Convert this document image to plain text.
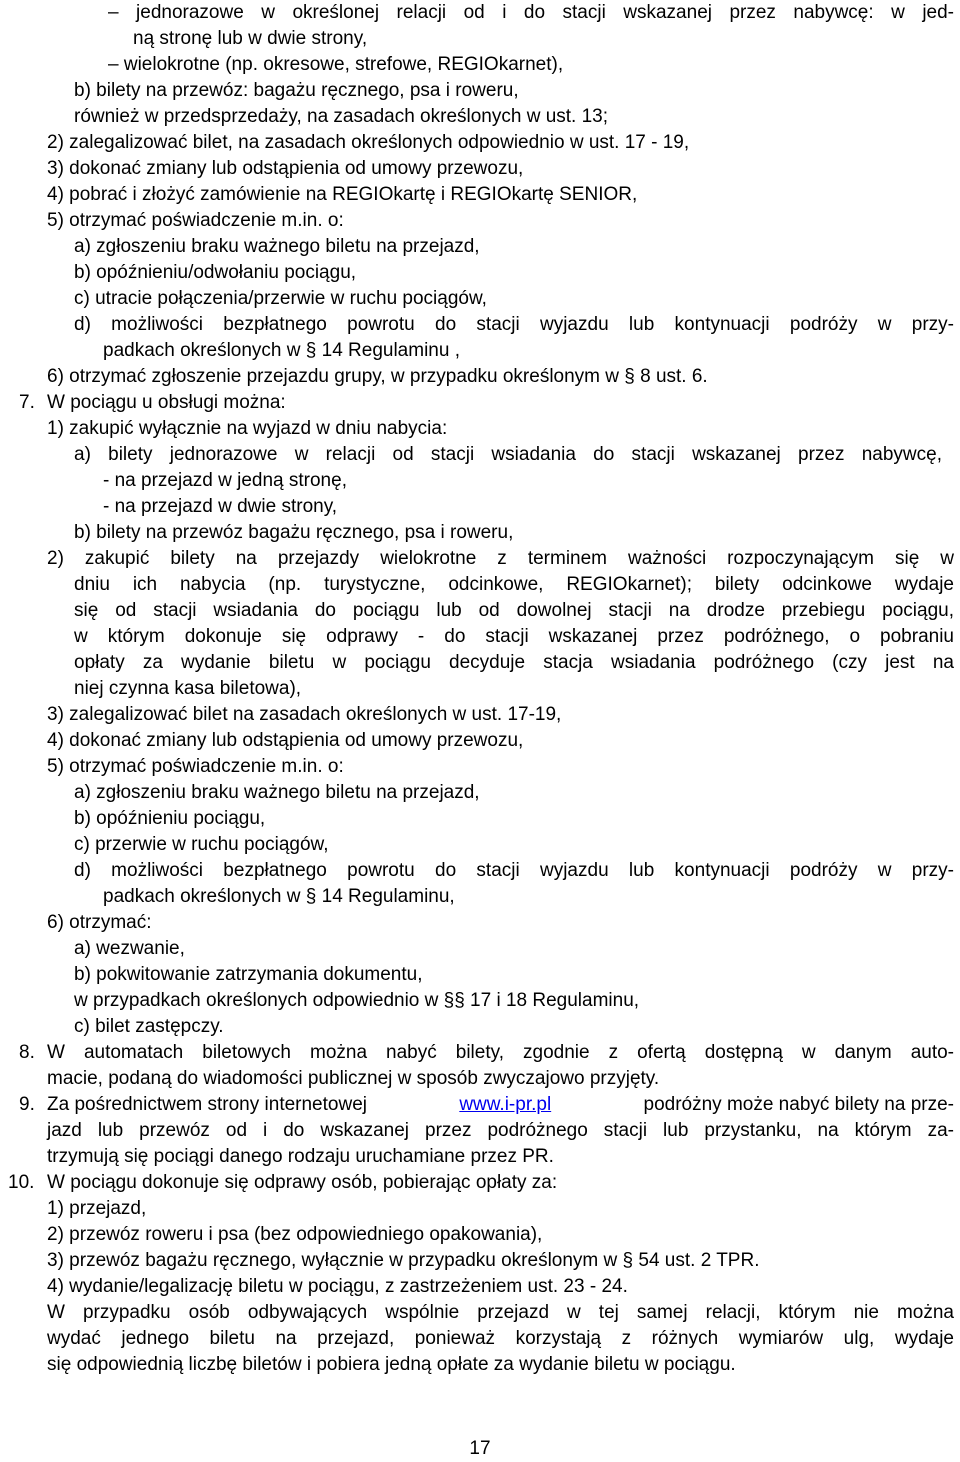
– jednorazowe w określonej relacji od i do stacji wskazanej przez nabywcę: w jed-
ną stronę lub w dwie strony,
– wielokrotne (np. okresowe, strefowe, REGIOkarnet),
b) bilety na przewóz: bagażu ręcznego, psa i roweru,
również w przedsprzedaży, na zasadach określonych w ust. 13;
2) zalegalizować bilet, na zasadach określonych odpowiednio w ust. 17 - 19,
3) dokonać zmiany lub odstąpienia od umowy przewozu,
4) pobrać i złożyć zamówienie na REGIOkartę i REGIOkartę SENIOR,
5) otrzymać poświadczenie m.in. o:
a) zgłoszeniu braku ważnego biletu na przejazd,
b) opóźnieniu/odwołaniu pociągu,
c) utracie połączenia/przerwie w ruchu pociągów,
d) możliwości bezpłatnego powrotu do stacji wyjazdu lub kontynuacji podróży w przy-
padkach określonych w § 14 Regulaminu ,
6) otrzymać zgłoszenie przejazdu grupy, w przypadku określonym w § 8 ust. 6.
7. W pociągu u obsługi można:
1) zakupić wyłącznie na wyjazd w dniu nabycia:
a) bilety jednorazowe w relacji od stacji wsiadania do stacji wskazanej przez nabywcę,
- na przejazd w jedną stronę,
- na przejazd w dwie strony,
b) bilety na przewóz bagażu ręcznego, psa i roweru,
2) zakupić bilety na przejazdy wielokrotne z terminem ważności rozpoczynającym się w
dniu ich nabycia (np. turystyczne, odcinkowe, REGIOkarnet); bilety odcinkowe wydaje
się od stacji wsiadania do pociągu lub od dowolnej stacji na drodze przebiegu pociągu,
w którym dokonuje się odprawy - do stacji wskazanej przez podróżnego, o pobraniu
opłaty za wydanie biletu w pociągu decyduje stacja wsiadania podróżnego (czy jest na
niej czynna kasa biletowa),
3) zalegalizować bilet na zasadach określonych w ust. 17-19,
4) dokonać zmiany lub odstąpienia od umowy przewozu,
5) otrzymać poświadczenie m.in. o:
a) zgłoszeniu braku ważnego biletu na przejazd,
b) opóźnieniu pociągu,
c) przerwie w ruchu pociągów,
d) możliwości bezpłatnego powrotu do stacji wyjazdu lub kontynuacji podróży w przy-
padkach określonych w § 14 Regulaminu,
6) otrzymać:
a) wezwanie,
b) pokwitowanie zatrzymania dokumentu,
w przypadkach określonych odpowiednio w §§ 17 i 18 Regulaminu,
c) bilet zastępczy.
8. W automatach biletowych można nabyć bilety, zgodnie z ofertą dostępną w danym auto-
macie, podaną do wiadomości publicznej w sposób zwyczajowo przyjęty.
9. Za pośrednictwem strony internetowej	www.i-pr.pl	podróżny może nabyć bilety na prze-
jazd lub przewóz od i do wskazanej przez podróżnego stacji lub przystanku, na którym za-
trzymują się pociągi danego rodzaju uruchamiane przez PR.
10. W pociągu dokonuje się odprawy osób, pobierając opłaty za:
1) przejazd,
2) przewóz roweru i psa (bez odpowiedniego opakowania),
3) przewóz bagażu ręcznego, wyłącznie w przypadku określonym w § 54 ust. 2 TPR.
4) wydanie/legalizację biletu w pociągu, z zastrzeżeniem ust. 23 - 24.
W przypadku osób odbywających wspólnie przejazd w tej samej relacji, którym nie można
wydać jednego biletu na przejazd, ponieważ korzystają z różnych wymiarów ulg, wydaje
się odpowiednią liczbę biletów i pobiera jedną opłate za wydanie biletu w pociągu.
17
